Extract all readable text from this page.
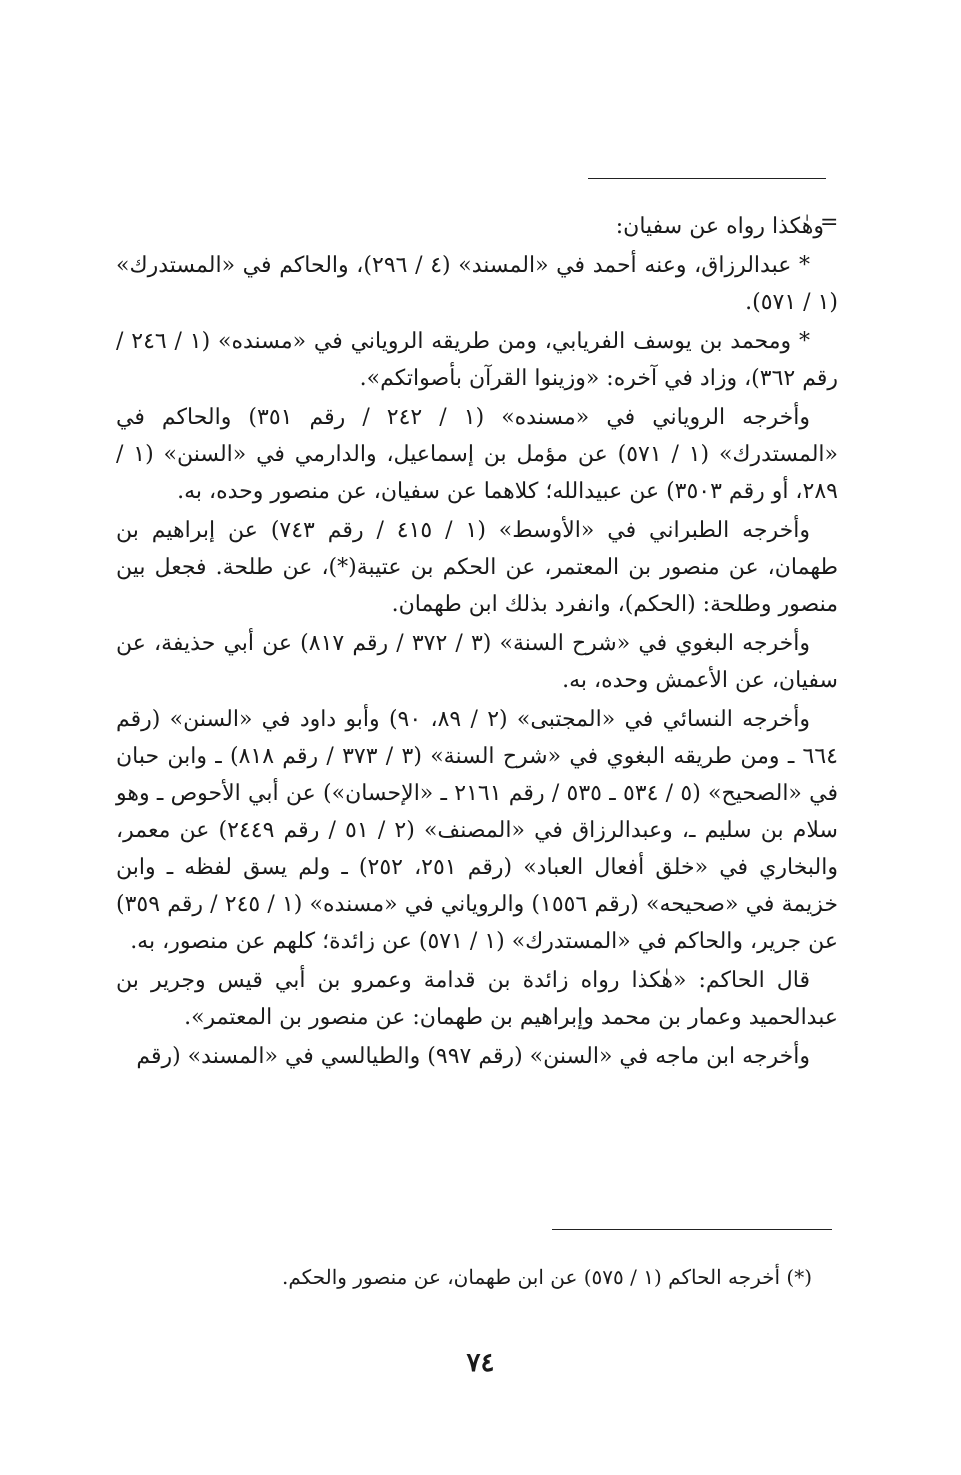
=

وهٰكذا رواه عن سفيان:

* عبدالرزاق، وعنه أحمد في «المسند» (٤ / ٢٩٦)، والحاكم في «المستدرك» (١ / ٥٧١).

* ومحمد بن يوسف الفريابي، ومن طريقه الروياني في «مسنده» (١ / ٢٤٦ / رقم ٣٦٢)، وزاد في آخره: «وزينوا القرآن بأصواتكم».

وأخرجه الروياني في «مسنده» (١ / ٢٤٢ / رقم ٣٥١) والحاكم في «المستدرك» (١ / ٥٧١) عن مؤمل بن إسماعيل، والدارمي في «السنن» (١ / ٢٨٩، أو رقم ٣٥٠٣) عن عبيدالله؛ كلاهما عن سفيان، عن منصور وحده، به.

وأخرجه الطبراني في «الأوسط» (١ / ٤١٥ / رقم ٧٤٣) عن إبراهيم بن طهمان، عن منصور بن المعتمر، عن الحكم بن عتيبة(*)، عن طلحة. فجعل بين منصور وطلحة: (الحكم)، وانفرد بذلك ابن طهمان.

وأخرجه البغوي في «شرح السنة» (٣ / ٣٧٢ / رقم ٨١٧) عن أبي حذيفة، عن سفيان، عن الأعمش وحده، به.

وأخرجه النسائي في «المجتبى» (٢ / ٨٩، ٩٠) وأبو داود في «السنن» (رقم ٦٦٤ ـ ومن طريقه البغوي في «شرح السنة» (٣ / ٣٧٣ / رقم ٨١٨) ـ وابن حبان في «الصحيح» (٥ / ٥٣٤ ـ ٥٣٥ / رقم ٢١٦١ ـ «الإحسان») عن أبي الأحوص ـ وهو سلام بن سليم ـ، وعبدالرزاق في «المصنف» (٢ / ٥١ / رقم ٢٤٤٩) عن معمر، والبخاري في «خلق أفعال العباد» (رقم ٢٥١، ٢٥٢) ـ ولم يسق لفظه ـ وابن خزيمة في «صحيحه» (رقم ١٥٥٦) والروياني في «مسنده» (١ / ٢٤٥ / رقم ٣٥٩) عن جرير، والحاكم في «المستدرك» (١ / ٥٧١) عن زائدة؛ كلهم عن منصور، به.

قال الحاكم: «هٰكذا رواه زائدة بن قدامة وعمرو بن أبي قيس وجرير بن عبدالحميد وعمار بن محمد وإبراهيم بن طهمان: عن منصور بن المعتمر».

وأخرجه ابن ماجه في «السنن» (رقم ٩٩٧) والطيالسي في «المسند» (رقم

(*) أخرجه الحاكم (١ / ٥٧٥) عن ابن طهمان، عن منصور والحكم.
٧٤
